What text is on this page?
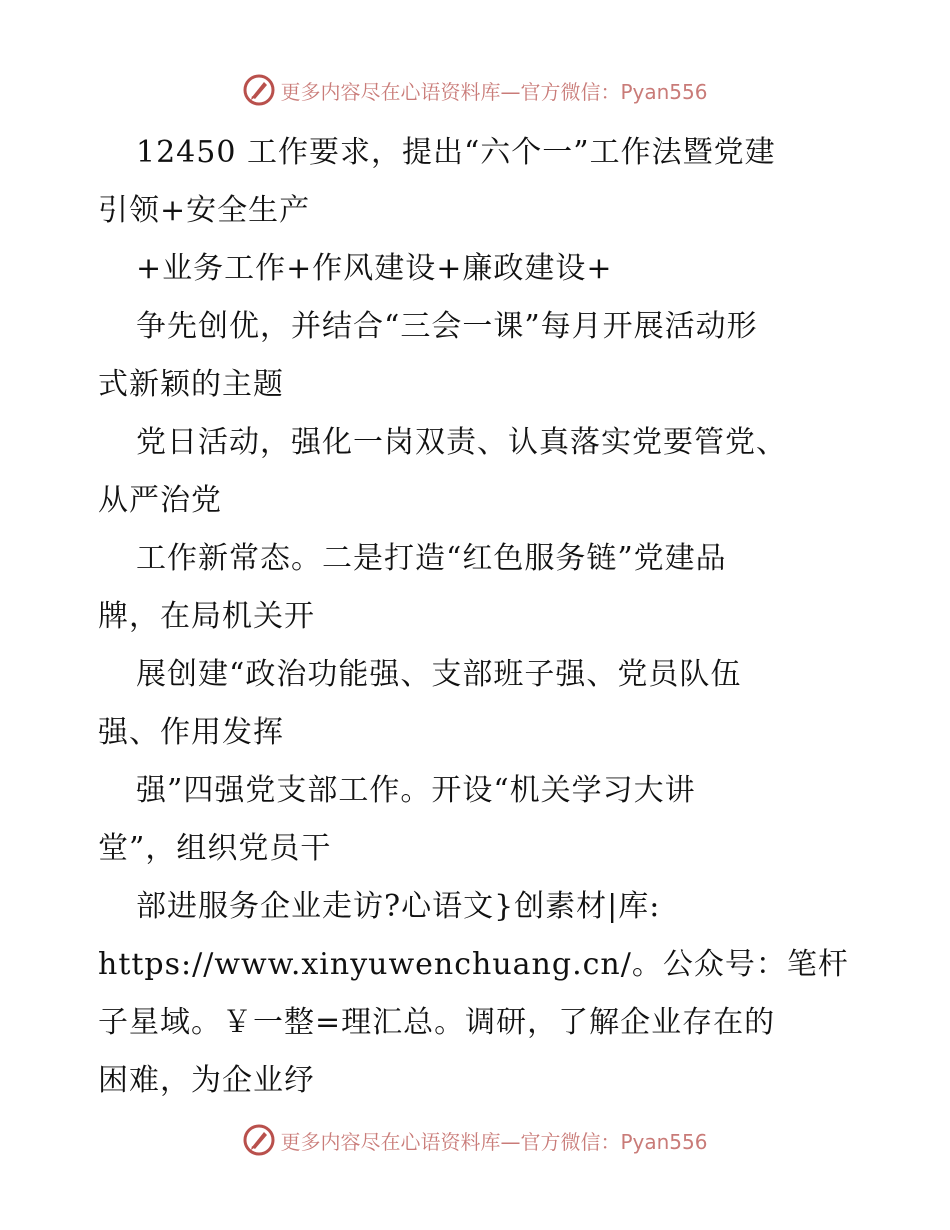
更多内容尽在心语资料库—官方微信：Pyan556
12450 工作要求，提出“六个一”工作法暨党建
引领+安全生产
+业务工作+作风建设+廉政建设+
争先创优，并结合“三会一课”每月开展活动形
式新颖的主题
党日活动，强化一岗双责、认真落实党要管党、
从严治党
工作新常态。二是打造“红色服务链”党建品
牌，在局机关开
展创建“政治功能强、支部班子强、党员队伍
强、作用发挥
强”四强党支部工作。开设“机关学习大讲
堂”，组织党员干
部进服务企业走访?心语文}创素材|库:
https://www.xinyuwenchuang.cn/。公众号：笔杆
子星域。￥一整=理汇总。调研，了解企业存在的
困难，为企业纾
更多内容尽在心语资料库—官方微信：Pyan556
